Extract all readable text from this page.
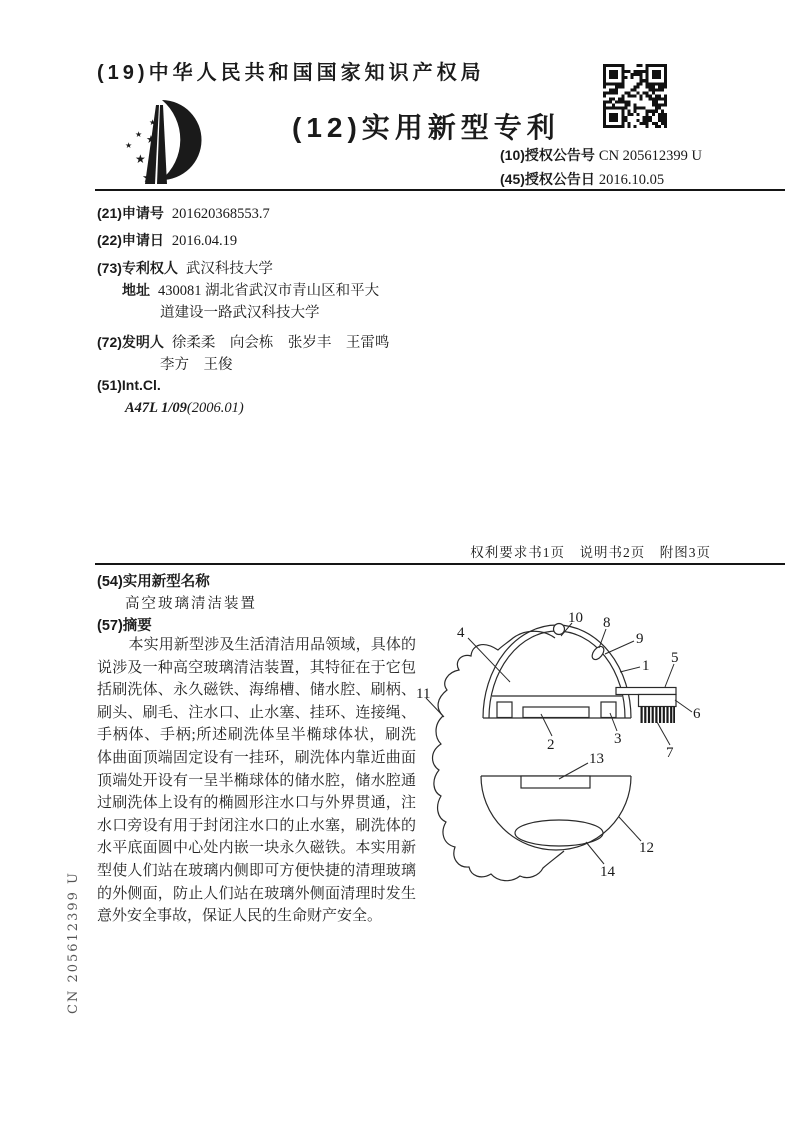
(19)中华人民共和国国家知识产权局
★
★
★ ★
★
★
(12)实用新型专利
(10)授权公告号 CN 205612399 U
(45)授权公告日 2016.10.05
(21)申请号 201620368553.7
(22)申请日 2016.04.19
(73)专利权人 武汉科技大学
地址 430081 湖北省武汉市青山区和平大
道建设一路武汉科技大学
(72)发明人 徐柔柔　向会栋　张岁丰　王雷鸣
李方　王俊
(51)Int.Cl.
A47L 1/09(2006.01)
权利要求书1页　说明书2页　附图3页
(54)实用新型名称
高空玻璃清洁装置
(57)摘要
本实用新型涉及生活清洁用品领域，具体的说涉及一种高空玻璃清洁装置，其特征在于它包括刷洗体、永久磁铁、海绵槽、储水腔、刷柄、刷头、刷毛、注水口、止水塞、挂环、连接绳、手柄体、手柄;所述刷洗体呈半椭球体状，刷洗体曲面顶端固定设有一挂环，刷洗体内靠近曲面顶端处开设有一呈半椭球体的储水腔，储水腔通过刷洗体上设有的椭圆形注水口与外界贯通，注水口旁设有用于封闭注水口的止水塞，刷洗体的水平底面圆中心处内嵌一块永久磁铁。本实用新型使人们站在玻璃内侧即可方便快捷的清理玻璃的外侧面，防止人们站在玻璃外侧面清理时发生意外安全事故，保证人民的生命财产安全。
4
10 8
9
1 5
6
7
2	3
11
13
12
14
CN 205612399 U
